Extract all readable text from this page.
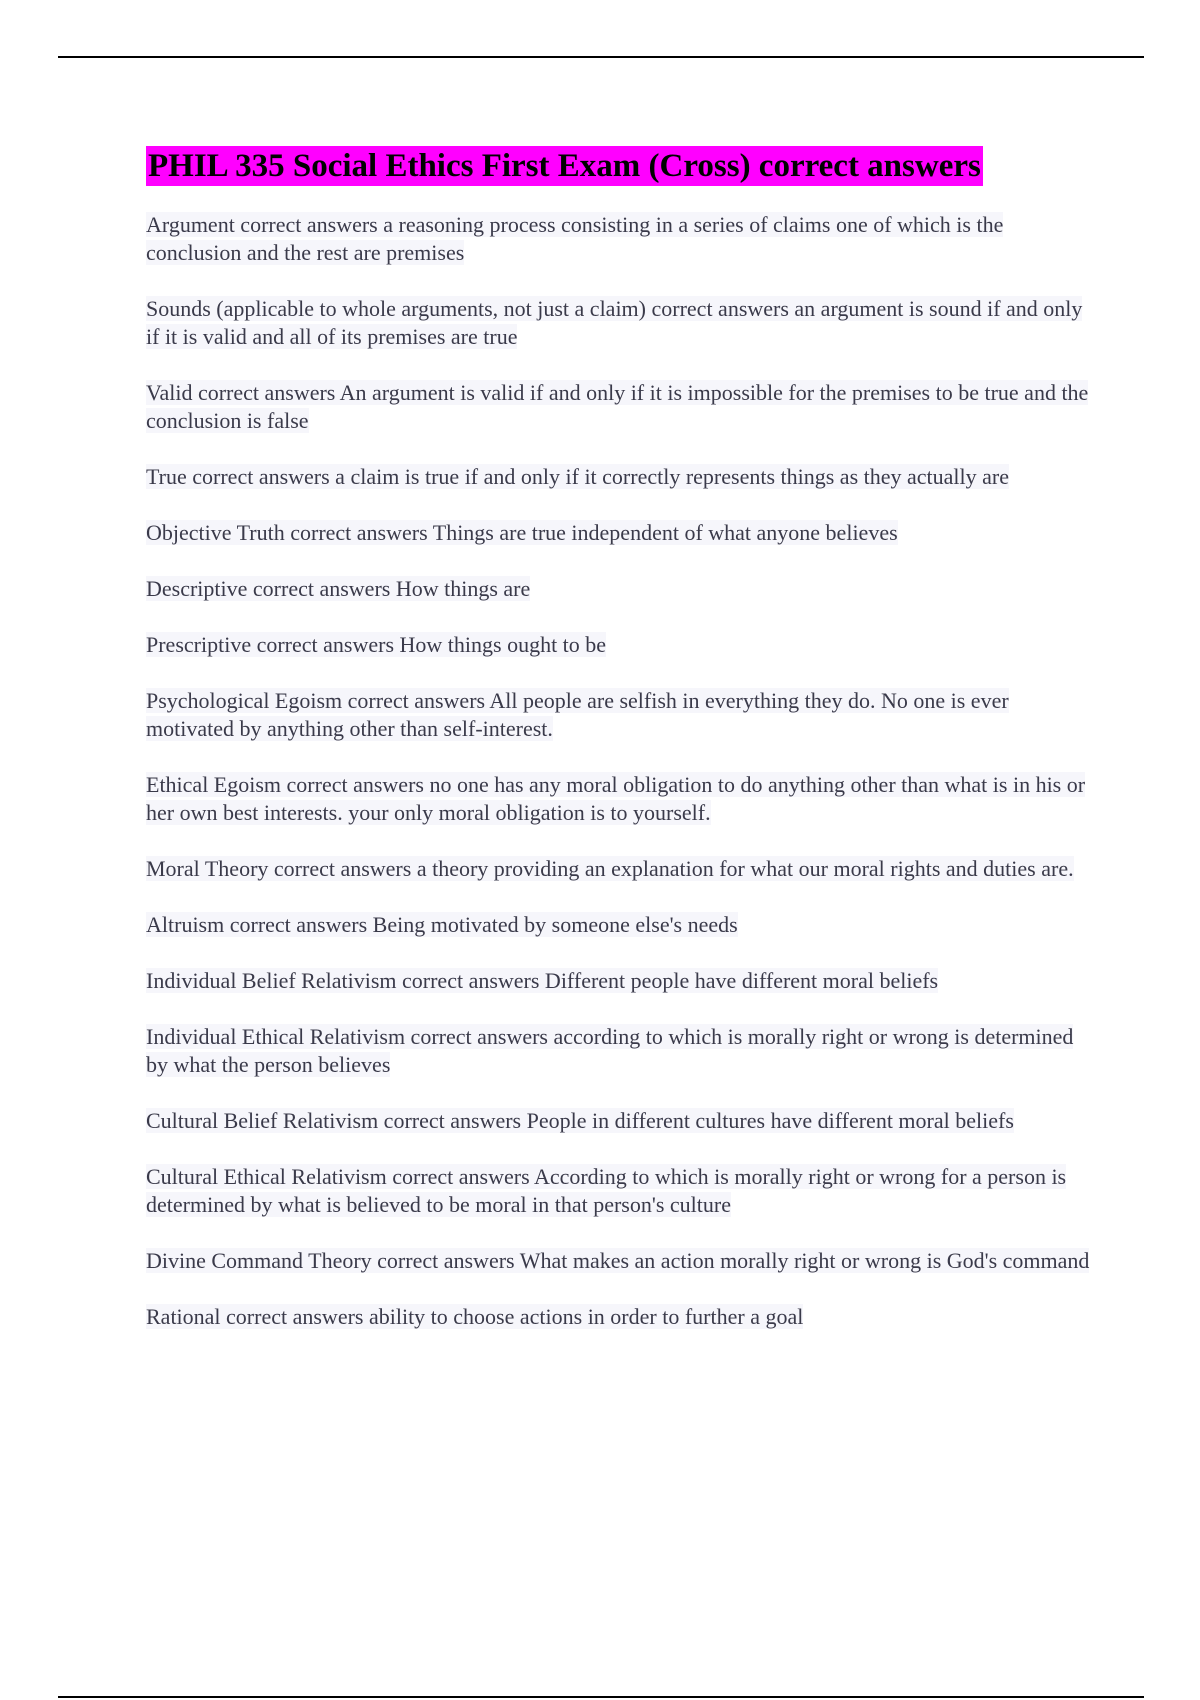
PHIL 335 Social Ethics First Exam (Cross) correct answers

Argument correct answers a reasoning process consisting in a series of claims one of which is the conclusion and the rest are premises

Sounds (applicable to whole arguments, not just a claim) correct answers an argument is sound if and only if it is valid and all of its premises are true

Valid correct answers An argument is valid if and only if it is impossible for the premises to be true and the conclusion is false

True correct answers a claim is true if and only if it correctly represents things as they actually are

Objective Truth correct answers Things are true independent of what anyone believes

Descriptive correct answers How things are

Prescriptive correct answers How things ought to be

Psychological Egoism correct answers All people are selfish in everything they do. No one is ever motivated by anything other than self-interest.

Ethical Egoism correct answers no one has any moral obligation to do anything other than what is in his or her own best interests. your only moral obligation is to yourself.

Moral Theory correct answers a theory providing an explanation for what our moral rights and duties are.

Altruism correct answers Being motivated by someone else's needs

Individual Belief Relativism correct answers Different people have different moral beliefs

Individual Ethical Relativism correct answers according to which is morally right or wrong is determined by what the person believes

Cultural Belief Relativism correct answers People in different cultures have different moral beliefs

Cultural Ethical Relativism correct answers According to which is morally right or wrong for a person is determined by what is believed to be moral in that person's culture

Divine Command Theory correct answers What makes an action morally right or wrong is God's command

Rational correct answers ability to choose actions in order to further a goal
